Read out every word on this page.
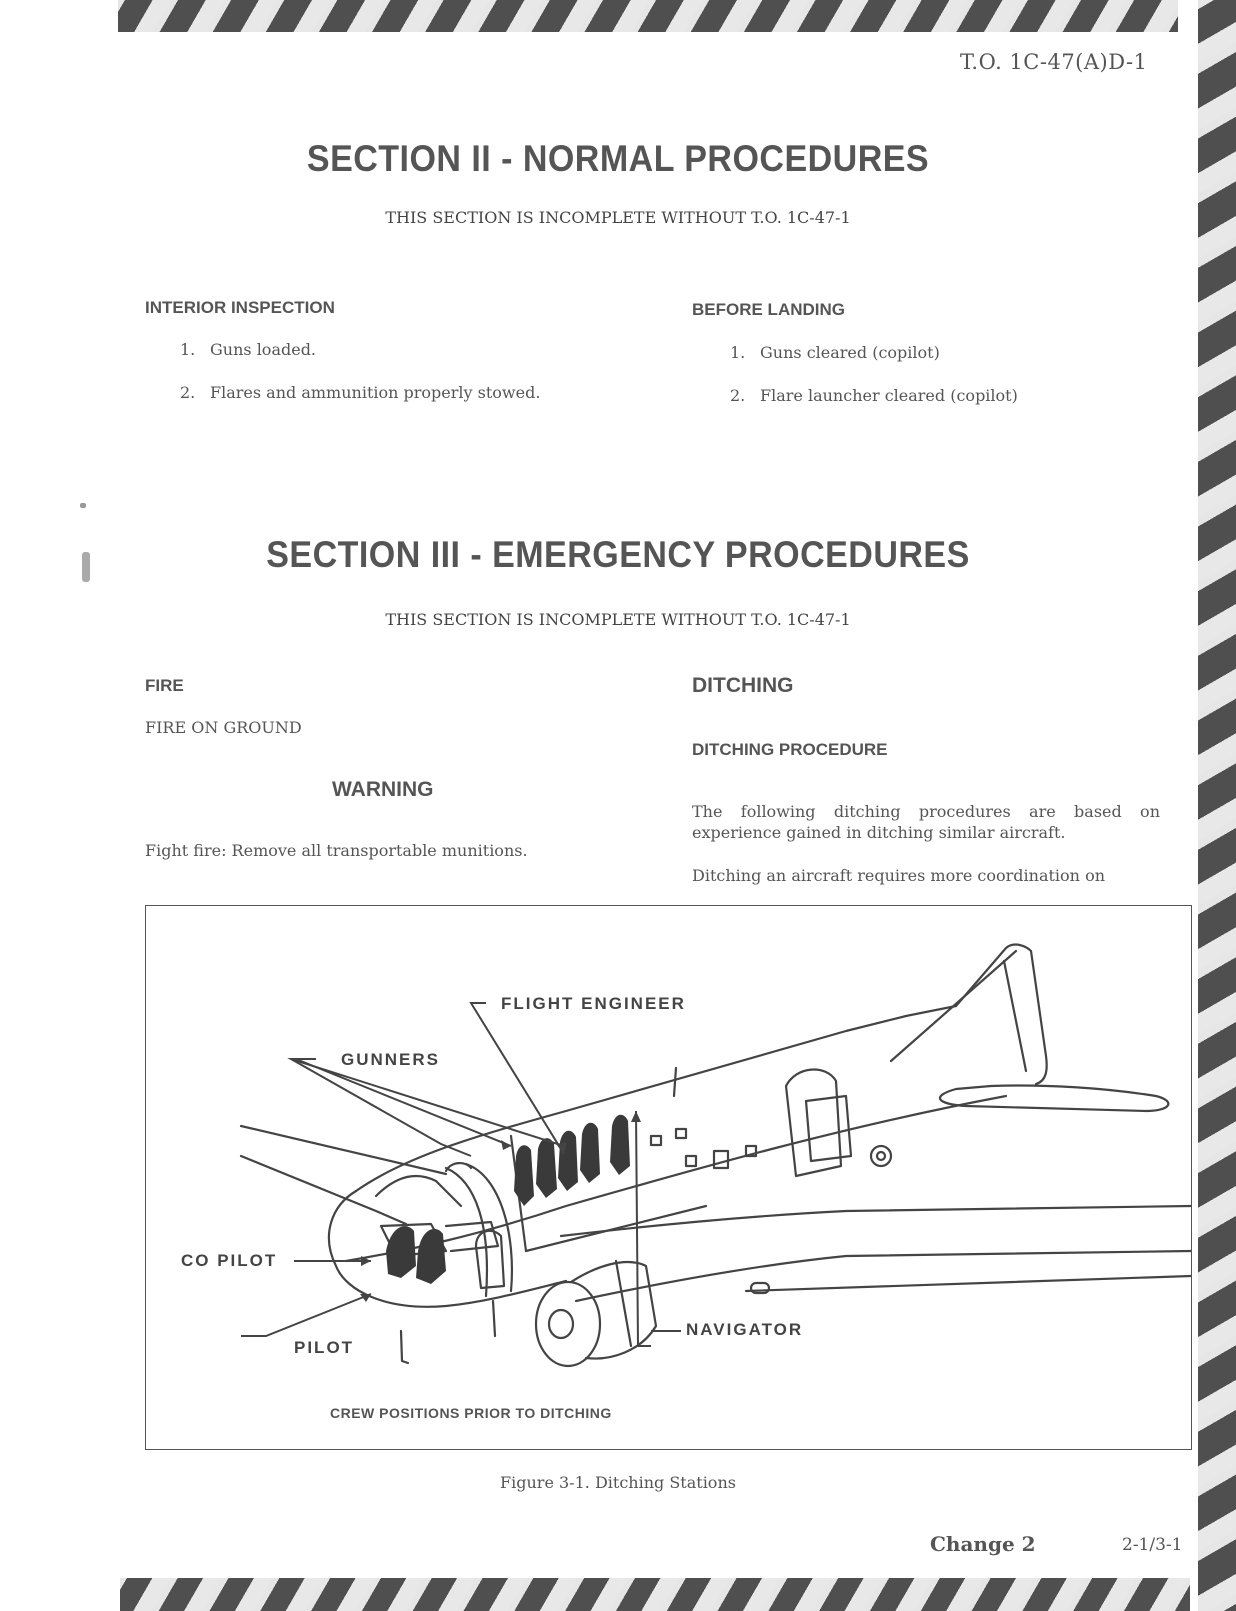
T.O. 1C-47(A)D-1
SECTION II - NORMAL PROCEDURES
THIS SECTION IS INCOMPLETE WITHOUT T.O. 1C-47-1
INTERIOR INSPECTION
1. Guns loaded.
2. Flares and ammunition properly stowed.
BEFORE LANDING
1. Guns cleared (copilot)
2. Flare launcher cleared (copilot)
SECTION III - EMERGENCY PROCEDURES
THIS SECTION IS INCOMPLETE WITHOUT T.O. 1C-47-1
FIRE
FIRE ON GROUND
WARNING
Fight fire: Remove all transportable munitions.
DITCHING
DITCHING PROCEDURE
The following ditching procedures are based on experience gained in ditching similar aircraft.
Ditching an aircraft requires more coordination on
FLIGHT ENGINEER
GUNNERS
CO PILOT
PILOT
NAVIGATOR
CREW POSITIONS PRIOR TO DITCHING
Figure 3-1. Ditching Stations
Change 2	2-1/3-1
